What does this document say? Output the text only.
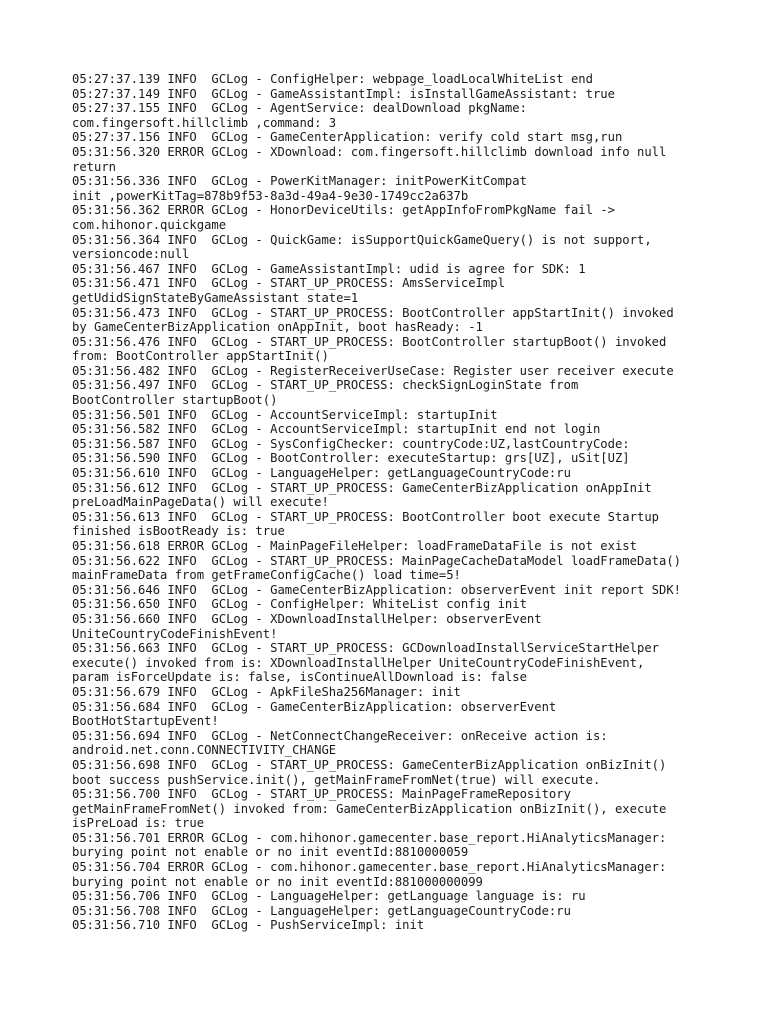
05:27:37.139 INFO  GCLog - ConfigHelper: webpage_loadLocalWhiteList end
05:27:37.149 INFO  GCLog - GameAssistantImpl: isInstallGameAssistant: true
05:27:37.155 INFO  GCLog - AgentService: dealDownload pkgName:
com.fingersoft.hillclimb ,command: 3
05:27:37.156 INFO  GCLog - GameCenterApplication: verify cold start msg,run
05:31:56.320 ERROR GCLog - XDownload: com.fingersoft.hillclimb download info null
return
05:31:56.336 INFO  GCLog - PowerKitManager: initPowerKitCompat
init ,powerKitTag=878b9f53-8a3d-49a4-9e30-1749cc2a637b
05:31:56.362 ERROR GCLog - HonorDeviceUtils: getAppInfoFromPkgName fail ->
com.hihonor.quickgame
05:31:56.364 INFO  GCLog - QuickGame: isSupportQuickGameQuery() is not support,
versioncode:null
05:31:56.467 INFO  GCLog - GameAssistantImpl: udid is agree for SDK: 1
05:31:56.471 INFO  GCLog - START_UP_PROCESS: AmsServiceImpl
getUdidSignStateByGameAssistant state=1
05:31:56.473 INFO  GCLog - START_UP_PROCESS: BootController appStartInit() invoked
by GameCenterBizApplication onAppInit, boot hasReady: -1
05:31:56.476 INFO  GCLog - START_UP_PROCESS: BootController startupBoot() invoked
from: BootController appStartInit()
05:31:56.482 INFO  GCLog - RegisterReceiverUseCase: Register user receiver execute
05:31:56.497 INFO  GCLog - START_UP_PROCESS: checkSignLoginState from
BootController startupBoot()
05:31:56.501 INFO  GCLog - AccountServiceImpl: startupInit
05:31:56.582 INFO  GCLog - AccountServiceImpl: startupInit end not login
05:31:56.587 INFO  GCLog - SysConfigChecker: countryCode:UZ,lastCountryCode:
05:31:56.590 INFO  GCLog - BootController: executeStartup: grs[UZ], uSit[UZ]
05:31:56.610 INFO  GCLog - LanguageHelper: getLanguageCountryCode:ru
05:31:56.612 INFO  GCLog - START_UP_PROCESS: GameCenterBizApplication onAppInit
preLoadMainPageData() will execute!
05:31:56.613 INFO  GCLog - START_UP_PROCESS: BootController boot execute Startup
finished isBootReady is: true
05:31:56.618 ERROR GCLog - MainPageFileHelper: loadFrameDataFile is not exist
05:31:56.622 INFO  GCLog - START_UP_PROCESS: MainPageCacheDataModel loadFrameData()
mainFrameData from getFrameConfigCache() load time=5!
05:31:56.646 INFO  GCLog - GameCenterBizApplication: observerEvent init report SDK!
05:31:56.650 INFO  GCLog - ConfigHelper: WhiteList config init
05:31:56.660 INFO  GCLog - XDownloadInstallHelper: observerEvent
UniteCountryCodeFinishEvent!
05:31:56.663 INFO  GCLog - START_UP_PROCESS: GCDownloadInstallServiceStartHelper
execute() invoked from is: XDownloadInstallHelper UniteCountryCodeFinishEvent,
param isForceUpdate is: false, isContinueAllDownload is: false
05:31:56.679 INFO  GCLog - ApkFileSha256Manager: init
05:31:56.684 INFO  GCLog - GameCenterBizApplication: observerEvent
BootHotStartupEvent!
05:31:56.694 INFO  GCLog - NetConnectChangeReceiver: onReceive action is:
android.net.conn.CONNECTIVITY_CHANGE
05:31:56.698 INFO  GCLog - START_UP_PROCESS: GameCenterBizApplication onBizInit()
boot success pushService.init(), getMainFrameFromNet(true) will execute.
05:31:56.700 INFO  GCLog - START_UP_PROCESS: MainPageFrameRepository
getMainFrameFromNet() invoked from: GameCenterBizApplication onBizInit(), execute
isPreLoad is: true
05:31:56.701 ERROR GCLog - com.hihonor.gamecenter.base_report.HiAnalyticsManager:
burying point not enable or no init eventId:8810000059
05:31:56.704 ERROR GCLog - com.hihonor.gamecenter.base_report.HiAnalyticsManager:
burying point not enable or no init eventId:881000000099
05:31:56.706 INFO  GCLog - LanguageHelper: getLanguage language is: ru
05:31:56.708 INFO  GCLog - LanguageHelper: getLanguageCountryCode:ru
05:31:56.710 INFO  GCLog - PushServiceImpl: init
